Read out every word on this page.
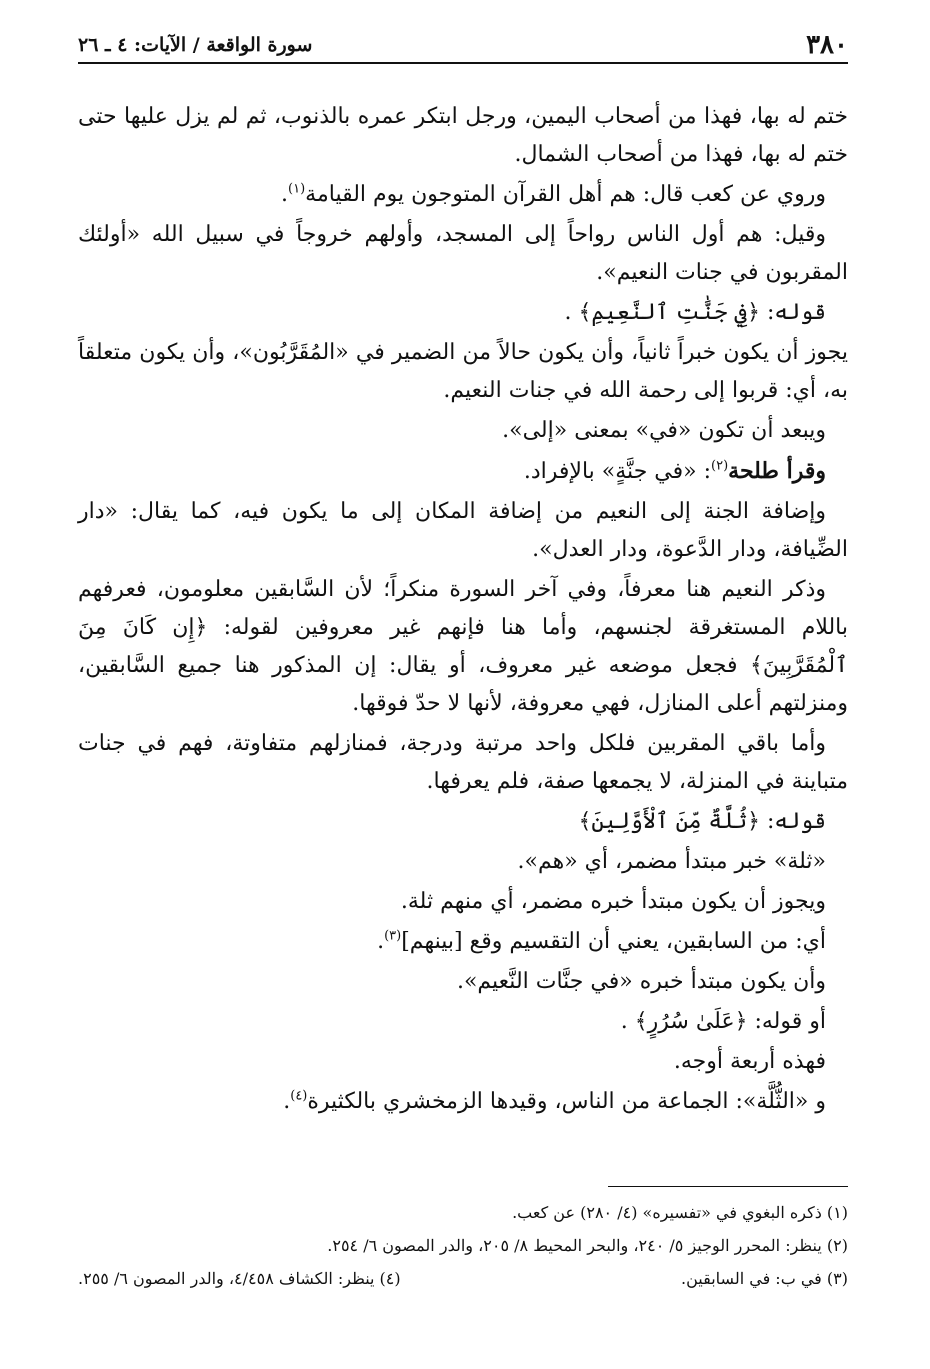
٣٨٠
سورة الواقعة / الآيات: ٤ ـ ٢٦

ختم له بها، فهذا من أصحاب اليمين، ورجل ابتكر عمره بالذنوب، ثم لم يزل عليها حتى ختم له بها، فهذا من أصحاب الشمال.

وروي عن كعب قال: هم أهل القرآن المتوجون يوم القيامة$^{(١)}$.

وقيل: هم أول الناس رواحاً إلى المسجد، وأولهم خروجاً في سبيل الله «أولئك المقربون في جنات النعيم».

قوله: ﴿فِي جَنَّٰتِ ٱلنَّعِيمِ﴾ .

يجوز أن يكون خبراً ثانياً، وأن يكون حالاً من الضمير في «المُقَرَّبُون»، وأن يكون متعلقاً به، أي: قربوا إلى رحمة الله في جنات النعيم.

ويبعد أن تكون «في» بمعنى «إلى».

وقرأ طلحة$^{(٢)}$: «في جنَّةٍ» بالإفراد.

وإضافة الجنة إلى النعيم من إضافة المكان إلى ما يكون فيه، كما يقال: «دار الضِّيافة، ودار الدَّعوة، ودار العدل».

وذكر النعيم هنا معرفاً، وفي آخر السورة منكراً؛ لأن السَّابقين معلومون، فعرفهم باللام المستغرقة لجنسهم، وأما هنا فإنهم غير معروفين لقوله: ﴿إِن كَانَ مِنَ ٱلْمُقَرَّبِينَ﴾ فجعل موضعه غير معروف، أو يقال: إن المذكور هنا جميع السَّابقين، ومنزلتهم أعلى المنازل، فهي معروفة، لأنها لا حدّ فوقها.

وأما باقي المقربين فلكل واحد مرتبة ودرجة، فمنازلهم متفاوتة، فهم في جنات متباينة في المنزلة، لا يجمعها صفة، فلم يعرفها.

قوله: ﴿ثُلَّةٌ مِّنَ ٱلْأَوَّلِينَ﴾

«ثلة» خبر مبتدأ مضمر، أي «هم».

ويجوز أن يكون مبتدأ خبره مضمر، أي منهم ثلة.

أي: من السابقين، يعني أن التقسيم وقع [بينهم]$^{(٣)}$.

وأن يكون مبتدأ خبره «في جنَّات النَّعيم».

أو قوله: ﴿عَلَىٰ سُرُرٍ﴾ .

فهذه أربعة أوجه.

و «الثُّلَّة»: الجماعة من الناس، وقيدها الزمخشري بالكثيرة$^{(٤)}$.

(١) ذكره البغوي في «تفسيره» (٤/ ٢٨٠) عن كعب.
(٢) ينظر: المحرر الوجيز ٥/ ٢٤٠، والبحر المحيط ٨/ ٢٠٥، والدر المصون ٦/ ٢٥٤.
(٣) في ب: في السابقين.
(٤) ينظر: الكشاف ٤/٤٥٨، والدر المصون ٦/ ٢٥٥.
